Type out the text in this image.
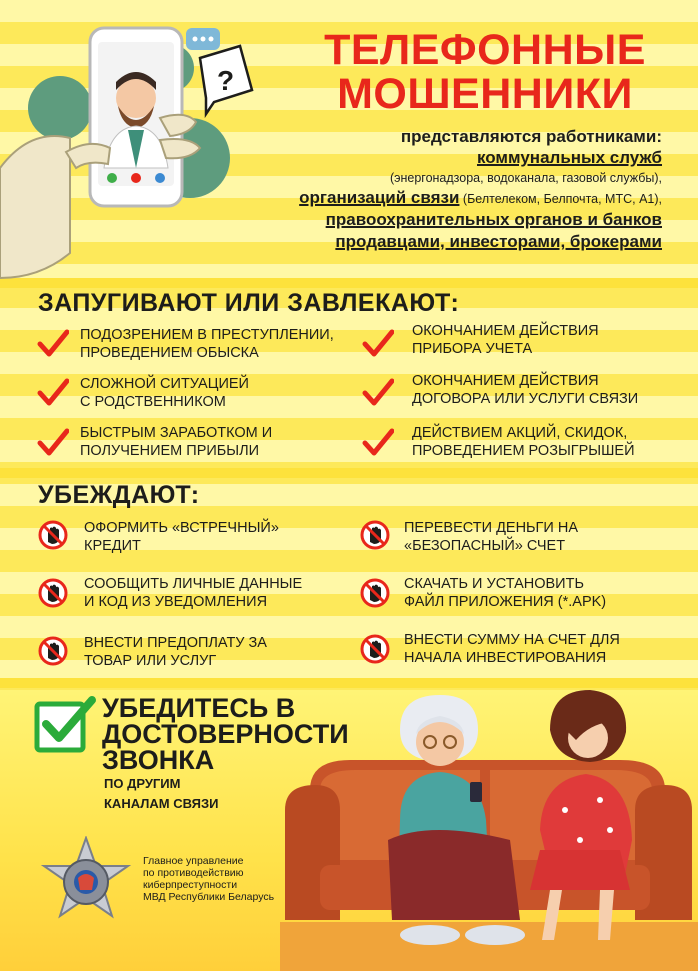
?
ТЕЛЕФОННЫЕ
МОШЕННИКИ
представляются работниками:
коммунальных служб
(энергонадзора, водоканала, газовой службы),
организаций связи (Белтелеком, Белпочта, МТС, А1),
правоохранительных органов и банков
продавцами, инвесторами, брокерами
ЗАПУГИВАЮТ ИЛИ ЗАВЛЕКАЮТ:
ПОДОЗРЕНИЕМ В ПРЕСТУПЛЕНИИ,
ПРОВЕДЕНИЕМ ОБЫСКА
ОКОНЧАНИЕМ ДЕЙСТВИЯ
ПРИБОРА УЧЕТА
СЛОЖНОЙ СИТУАЦИЕЙ
С РОДСТВЕННИКОМ
ОКОНЧАНИЕМ ДЕЙСТВИЯ
ДОГОВОРА ИЛИ УСЛУГИ СВЯЗИ
БЫСТРЫМ ЗАРАБОТКОМ И
ПОЛУЧЕНИЕМ ПРИБЫЛИ
ДЕЙСТВИЕМ АКЦИЙ, СКИДОК,
ПРОВЕДЕНИЕМ РОЗЫГРЫШЕЙ
УБЕЖДАЮТ:
ОФОРМИТЬ «ВСТРЕЧНЫЙ»
КРЕДИТ
ПЕРЕВЕСТИ ДЕНЬГИ НА
«БЕЗОПАСНЫЙ» СЧЕТ
СООБЩИТЬ ЛИЧНЫЕ ДАННЫЕ
И КОД ИЗ УВЕДОМЛЕНИЯ
СКАЧАТЬ И УСТАНОВИТЬ
ФАЙЛ ПРИЛОЖЕНИЯ (*.APK)
ВНЕСТИ ПРЕДОПЛАТУ ЗА
ТОВАР ИЛИ УСЛУГ
ВНЕСТИ СУММУ НА СЧЕТ ДЛЯ
НАЧАЛА ИНВЕСТИРОВАНИЯ
УБЕДИТЕСЬ В
ДОСТОВЕРНОСТИ
ЗВОНКА
ПО ДРУГИМ
КАНАЛАМ СВЯЗИ
Главное управление
по противодействию
киберпреступности
МВД Республики Беларусь
